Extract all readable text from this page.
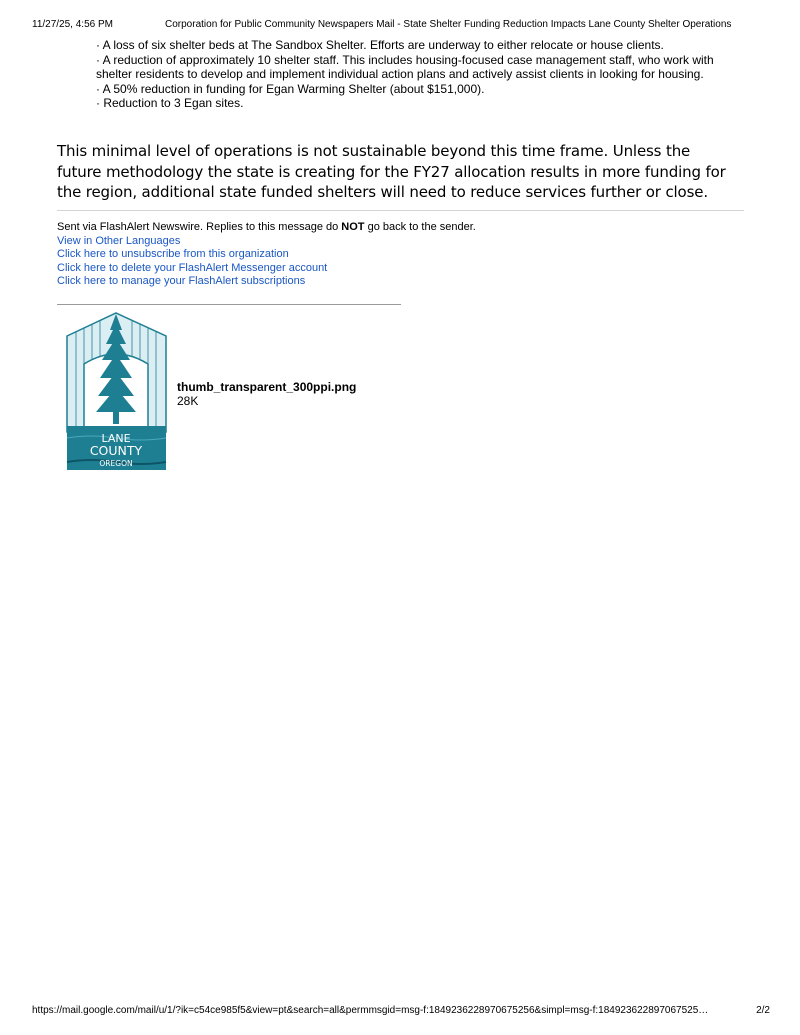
11/27/25, 4:56 PM	Corporation for Public Community Newspapers Mail - State Shelter Funding Reduction Impacts Lane County Shelter Operations

· A loss of six shelter beds at The Sandbox Shelter. Efforts are underway to either relocate or house clients.

· A reduction of approximately 10 shelter staff. This includes housing-focused case management staff, who work with shelter residents to develop and implement individual action plans and actively assist clients in looking for housing.

· A 50% reduction in funding for Egan Warming Shelter (about $151,000).

· Reduction to 3 Egan sites.

This minimal level of operations is not sustainable beyond this time frame. Unless the future methodology the state is creating for the FY27 allocation results in more funding for the region, additional state funded shelters will need to reduce services further or close.

Sent via FlashAlert Newswire. Replies to this message do NOT go back to the sender.
View in Other Languages
Click here to unsubscribe from this organization
Click here to delete your FlashAlert Messenger account
Click here to manage your FlashAlert subscriptions
LANE
COUNTY
OREGON
thumb_transparent_300ppi.png
28K
https://mail.google.com/mail/u/1/?ik=c54ce985f5&view=pt&search=all&permmsgid=msg-f:1849236228970675256&simpl=msg-f:184923622897067525…	2/2
